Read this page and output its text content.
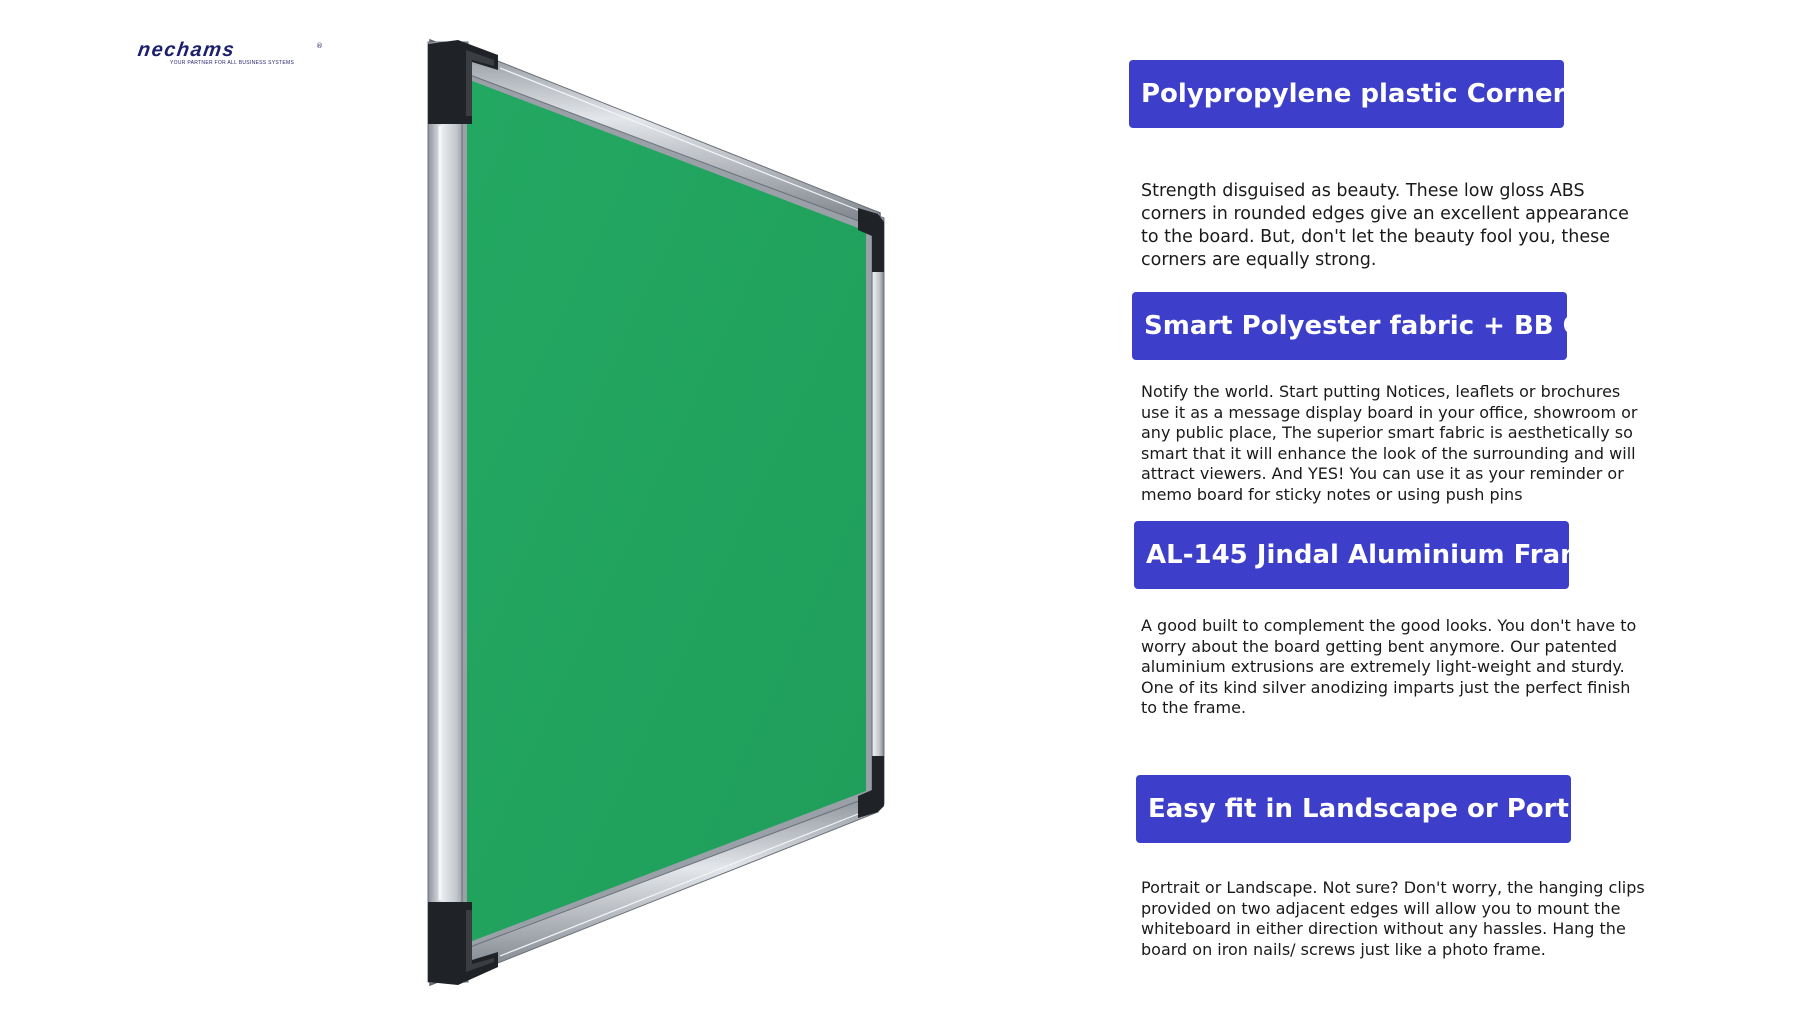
nechams	®
YOUR PARTNER FOR ALL BUSINESS SYSTEMS
Polypropylene plastic Corners
Strength disguised as beauty. These low gloss ABS corners in rounded edges give an excellent appearance to the board. But, don't let the beauty fool you, these corners are equally strong.
Smart Polyester fabric + BB Core
Notify the world. Start putting Notices, leaflets or brochures use it as a message display board in your office, showroom or any public place, The superior smart fabric is aesthetically so smart that it will enhance the look of the surrounding and will attract viewers. And YES! You can use it as your reminder or memo board for sticky notes or using push pins
AL-145 Jindal Aluminium Frame
A good built to complement the good looks. You don't have to worry about the board getting bent anymore. Our patented aluminium extrusions are extremely light-weight and sturdy. One of its kind silver anodizing imparts just the perfect finish to the frame.
Easy fit in Landscape or Portrait
Portrait or Landscape. Not sure? Don't worry, the hanging clips provided on two adjacent edges will allow you to mount the whiteboard in either direction without any hassles. Hang the board on iron nails/ screws just like a photo frame.
